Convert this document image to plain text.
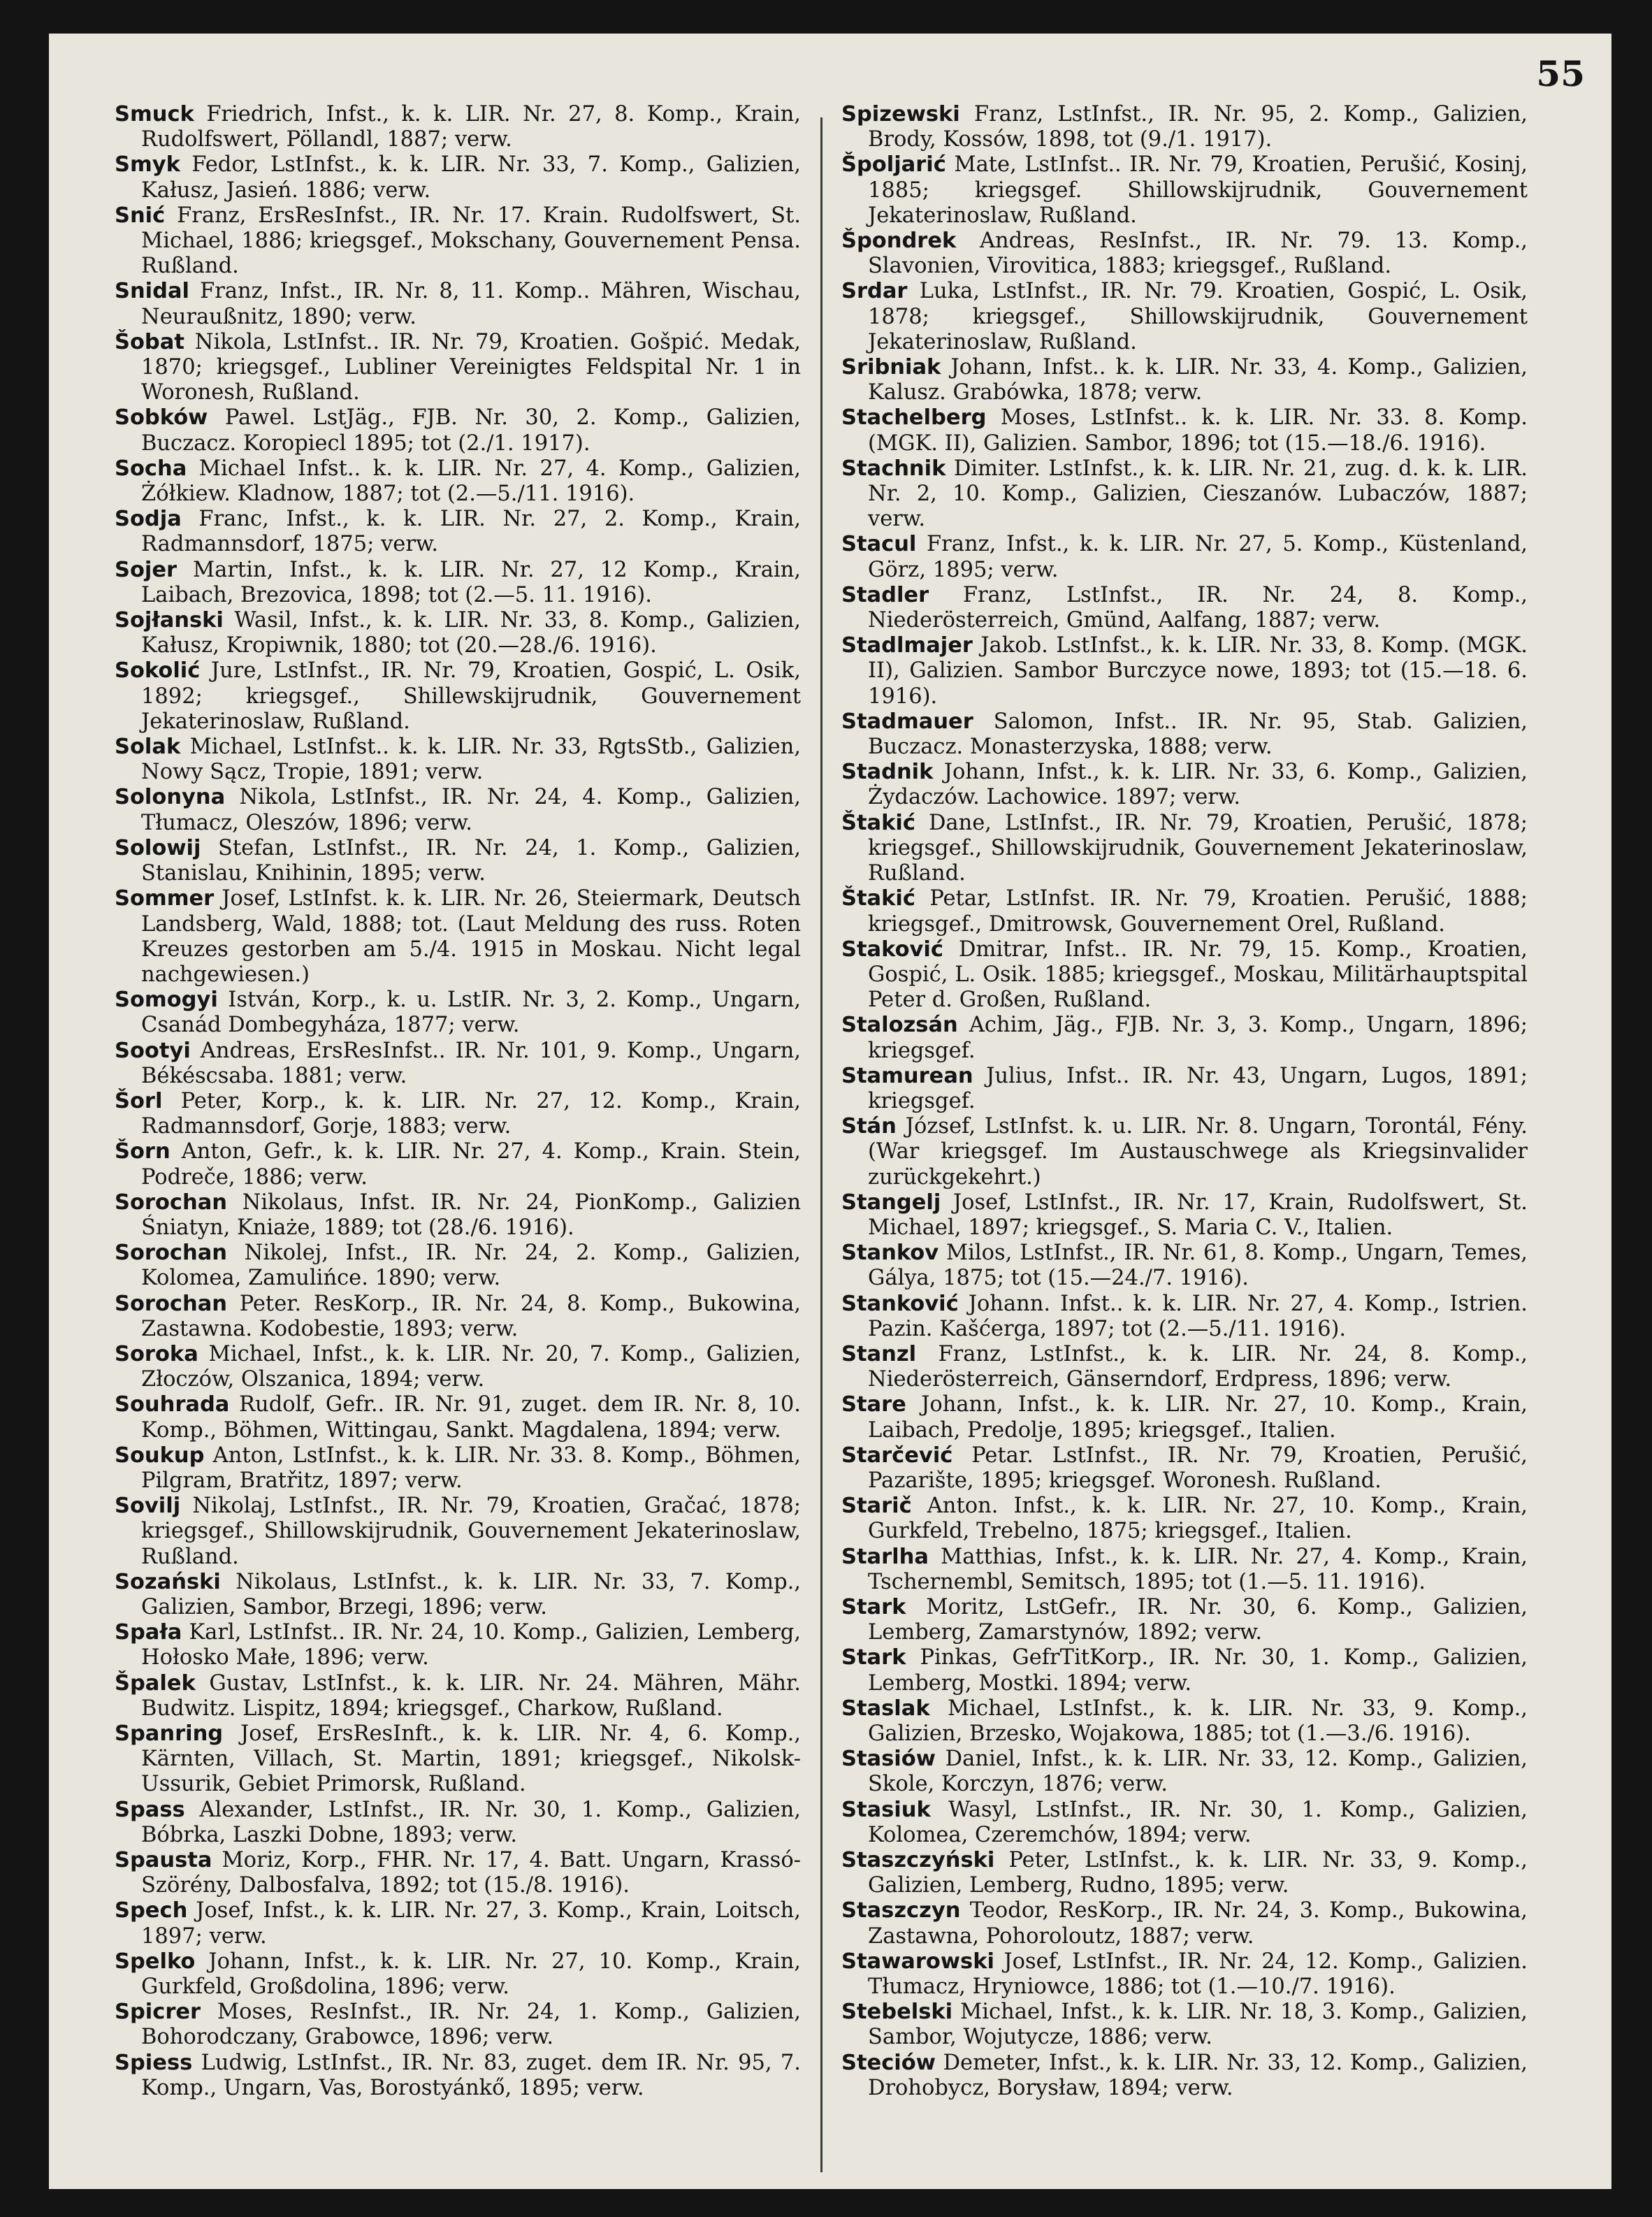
55

Smuck Friedrich, Infst., k. k. LIR. Nr. 27, 8. Komp., Krain, Rudolfswert, Pöllandl, 1887; verw.

Smyk Fedor, LstInfst., k. k. LIR. Nr. 33, 7. Komp., Galizien, Kałusz, Jasień. 1886; verw.

Snić Franz, ErsResInfst., IR. Nr. 17. Krain. Rudolfswert, St. Michael, 1886; kriegsgef., Mokschany, Gouvernement Pensa. Rußland.

Snidal Franz, Infst., IR. Nr. 8, 11. Komp.. Mähren, Wischau, Neuraußnitz, 1890; verw.

Šobat Nikola, LstInfst.. IR. Nr. 79, Kroatien. Gošpić. Medak, 1870; kriegsgef., Lubliner Vereinigtes Feldspital Nr. 1 in Woronesh, Rußland.

Sobków Pawel. LstJäg., FJB. Nr. 30, 2. Komp., Galizien, Buczacz. Koropiecl 1895; tot (2./1. 1917).

Socha Michael Infst.. k. k. LIR. Nr. 27, 4. Komp., Galizien, Żółkiew. Kladnow, 1887; tot (2.—5./11. 1916).

Sodja Franc, Infst., k. k. LIR. Nr. 27, 2. Komp., Krain, Radmannsdorf, 1875; verw.

Sojer Martin, Infst., k. k. LIR. Nr. 27, 12 Komp., Krain, Laibach, Brezovica, 1898; tot (2.—5. 11. 1916).

Sojłanski Wasil, Infst., k. k. LIR. Nr. 33, 8. Komp., Galizien, Kałusz, Kropiwnik, 1880; tot (20.—28./6. 1916).

Sokolić Jure, LstInfst., IR. Nr. 79, Kroatien, Gospić, L. Osik, 1892; kriegsgef., Shillewskijrudnik, Gouvernement Jekaterinoslaw, Rußland.

Solak Michael, LstInfst.. k. k. LIR. Nr. 33, RgtsStb., Galizien, Nowy Sącz, Tropie, 1891; verw.

Solonyna Nikola, LstInfst., IR. Nr. 24, 4. Komp., Galizien, Tłumacz, Oleszów, 1896; verw.

Solowij Stefan, LstInfst., IR. Nr. 24, 1. Komp., Galizien, Stanislau, Knihinin, 1895; verw.

Sommer Josef, LstInfst. k. k. LIR. Nr. 26, Steiermark, Deutsch Landsberg, Wald, 1888; tot. (Laut Meldung des russ. Roten Kreuzes gestorben am 5./4. 1915 in Moskau. Nicht legal nachgewiesen.)

Somogyi István, Korp., k. u. LstIR. Nr. 3, 2. Komp., Ungarn, Csanád Dombegyháza, 1877; verw.

Sootyi Andreas, ErsResInfst.. IR. Nr. 101, 9. Komp., Ungarn, Békéscsaba. 1881; verw.

Šorl Peter, Korp., k. k. LIR. Nr. 27, 12. Komp., Krain, Radmannsdorf, Gorje, 1883; verw.

Šorn Anton, Gefr., k. k. LIR. Nr. 27, 4. Komp., Krain. Stein, Podreče, 1886; verw.

Sorochan Nikolaus, Infst. IR. Nr. 24, PionKomp., Galizien Śniatyn, Kniaże, 1889; tot (28./6. 1916).

Sorochan Nikolej, Infst., IR. Nr. 24, 2. Komp., Galizien, Kolomea, Zamulińce. 1890; verw.

Sorochan Peter. ResKorp., IR. Nr. 24, 8. Komp., Bukowina, Zastawna. Kodobestie, 1893; verw.

Soroka Michael, Infst., k. k. LIR. Nr. 20, 7. Komp., Galizien, Złoczów, Olszanica, 1894; verw.

Souhrada Rudolf, Gefr.. IR. Nr. 91, zuget. dem IR. Nr. 8, 10. Komp., Böhmen, Wittingau, Sankt. Magdalena, 1894; verw.

Soukup Anton, LstInfst., k. k. LIR. Nr. 33. 8. Komp., Böhmen, Pilgram, Bratřitz, 1897; verw.

Sovilj Nikolaj, LstInfst., IR. Nr. 79, Kroatien, Gračać, 1878; kriegsgef., Shillowskijrudnik, Gouvernement Jekaterinoslaw, Rußland.

Sozański Nikolaus, LstInfst., k. k. LIR. Nr. 33, 7. Komp., Galizien, Sambor, Brzegi, 1896; verw.

Spała Karl, LstInfst.. IR. Nr. 24, 10. Komp., Galizien, Lemberg, Hołosko Małe, 1896; verw.

Špalek Gustav, LstInfst., k. k. LIR. Nr. 24. Mähren, Mähr. Budwitz. Lispitz, 1894; kriegsgef., Charkow, Rußland.

Spanring Josef, ErsResInft., k. k. LIR. Nr. 4, 6. Komp., Kärnten, Villach, St. Martin, 1891; kriegsgef., Nikolsk-Ussurik, Gebiet Primorsk, Rußland.

Spass Alexander, LstInfst., IR. Nr. 30, 1. Komp., Galizien, Bóbrka, Laszki Dobne, 1893; verw.

Spausta Moriz, Korp., FHR. Nr. 17, 4. Batt. Ungarn, Krassó-Szörény, Dalbosfalva, 1892; tot (15./8. 1916).

Spech Josef, Infst., k. k. LIR. Nr. 27, 3. Komp., Krain, Loitsch, 1897; verw.

Spelko Johann, Infst., k. k. LIR. Nr. 27, 10. Komp., Krain, Gurkfeld, Großdolina, 1896; verw.

Spicrer Moses, ResInfst., IR. Nr. 24, 1. Komp., Galizien, Bohorodczany, Grabowce, 1896; verw.

Spiess Ludwig, LstInfst., IR. Nr. 83, zuget. dem IR. Nr. 95, 7. Komp., Ungarn, Vas, Borostyánkő, 1895; verw.

Spizewski Franz, LstInfst., IR. Nr. 95, 2. Komp., Galizien, Brody, Kossów, 1898, tot (9./1. 1917).

Špoljarić Mate, LstInfst.. IR. Nr. 79, Kroatien, Perušić, Kosinj, 1885; kriegsgef. Shillowskijrudnik, Gouvernement Jekaterinoslaw, Rußland.

Špondrek Andreas, ResInfst., IR. Nr. 79. 13. Komp., Slavonien, Virovitica, 1883; kriegsgef., Rußland.

Srdar Luka, LstInfst., IR. Nr. 79. Kroatien, Gospić, L. Osik, 1878; kriegsgef., Shillowskijrudnik, Gouvernement Jekaterinoslaw, Rußland.

Sribniak Johann, Infst.. k. k. LIR. Nr. 33, 4. Komp., Galizien, Kalusz. Grabówka, 1878; verw.

Stachelberg Moses, LstInfst.. k. k. LIR. Nr. 33. 8. Komp. (MGK. II), Galizien. Sambor, 1896; tot (15.—18./6. 1916).

Stachnik Dimiter. LstInfst., k. k. LIR. Nr. 21, zug. d. k. k. LIR. Nr. 2, 10. Komp., Galizien, Cieszanów. Lubaczów, 1887; verw.

Stacul Franz, Infst., k. k. LIR. Nr. 27, 5. Komp., Küstenland, Görz, 1895; verw.

Stadler Franz, LstInfst., IR. Nr. 24, 8. Komp., Niederösterreich, Gmünd, Aalfang, 1887; verw.

Stadlmajer Jakob. LstInfst., k. k. LIR. Nr. 33, 8. Komp. (MGK. II), Galizien. Sambor Burczyce nowe, 1893; tot (15.—18. 6. 1916).

Stadmauer Salomon, Infst.. IR. Nr. 95, Stab. Galizien, Buczacz. Monasterzyska, 1888; verw.

Stadnik Johann, Infst., k. k. LIR. Nr. 33, 6. Komp., Galizien, Żydaczów. Lachowice. 1897; verw.

Štakić Dane, LstInfst., IR. Nr. 79, Kroatien, Perušić, 1878; kriegsgef., Shillowskijrudnik, Gouvernement Jekaterinoslaw, Rußland.

Štakić Petar, LstInfst. IR. Nr. 79, Kroatien. Perušić, 1888; kriegsgef., Dmitrowsk, Gouvernement Orel, Rußland.

Staković Dmitrar, Infst.. IR. Nr. 79, 15. Komp., Kroatien, Gospić, L. Osik. 1885; kriegsgef., Moskau, Militärhauptspital Peter d. Großen, Rußland.

Stalozsán Achim, Jäg., FJB. Nr. 3, 3. Komp., Ungarn, 1896; kriegsgef.

Stamurean Julius, Infst.. IR. Nr. 43, Ungarn, Lugos, 1891; kriegsgef.

Stán József, LstInfst. k. u. LIR. Nr. 8. Ungarn, Torontál, Fény. (War kriegsgef. Im Austauschwege als Kriegsinvalider zurückgekehrt.)

Stangelj Josef, LstInfst., IR. Nr. 17, Krain, Rudolfswert, St. Michael, 1897; kriegsgef., S. Maria C. V., Italien.

Stankov Milos, LstInfst., IR. Nr. 61, 8. Komp., Ungarn, Temes, Gálya, 1875; tot (15.—24./7. 1916).

Stanković Johann. Infst.. k. k. LIR. Nr. 27, 4. Komp., Istrien. Pazin. Kašćerga, 1897; tot (2.—5./11. 1916).

Stanzl Franz, LstInfst., k. k. LIR. Nr. 24, 8. Komp., Niederösterreich, Gänserndorf, Erdpress, 1896; verw.

Stare Johann, Infst., k. k. LIR. Nr. 27, 10. Komp., Krain, Laibach, Predolje, 1895; kriegsgef., Italien.

Starčević Petar. LstInfst., IR. Nr. 79, Kroatien, Perušić, Pazarište, 1895; kriegsgef. Woronesh. Rußland.

Starič Anton. Infst., k. k. LIR. Nr. 27, 10. Komp., Krain, Gurkfeld, Trebelno, 1875; kriegsgef., Italien.

Starlha Matthias, Infst., k. k. LIR. Nr. 27, 4. Komp., Krain, Tschernembl, Semitsch, 1895; tot (1.—5. 11. 1916).

Stark Moritz, LstGefr., IR. Nr. 30, 6. Komp., Galizien, Lemberg, Zamarstynów, 1892; verw.

Stark Pinkas, GefrTitKorp., IR. Nr. 30, 1. Komp., Galizien, Lemberg, Mostki. 1894; verw.

Staslak Michael, LstInfst., k. k. LIR. Nr. 33, 9. Komp., Galizien, Brzesko, Wojakowa, 1885; tot (1.—3./6. 1916).

Stasiów Daniel, Infst., k. k. LIR. Nr. 33, 12. Komp., Galizien, Skole, Korczyn, 1876; verw.

Stasiuk Wasyl, LstInfst., IR. Nr. 30, 1. Komp., Galizien, Kolomea, Czeremchów, 1894; verw.

Staszczyński Peter, LstInfst., k. k. LIR. Nr. 33, 9. Komp., Galizien, Lemberg, Rudno, 1895; verw.

Staszczyn Teodor, ResKorp., IR. Nr. 24, 3. Komp., Bukowina, Zastawna, Pohoroloutz, 1887; verw.

Stawarowski Josef, LstInfst., IR. Nr. 24, 12. Komp., Galizien. Tłumacz, Hryniowce, 1886; tot (1.—10./7. 1916).

Stebelski Michael, Infst., k. k. LIR. Nr. 18, 3. Komp., Galizien, Sambor, Wojutycze, 1886; verw.

Steciów Demeter, Infst., k. k. LIR. Nr. 33, 12. Komp., Galizien, Drohobycz, Borysław, 1894; verw.
